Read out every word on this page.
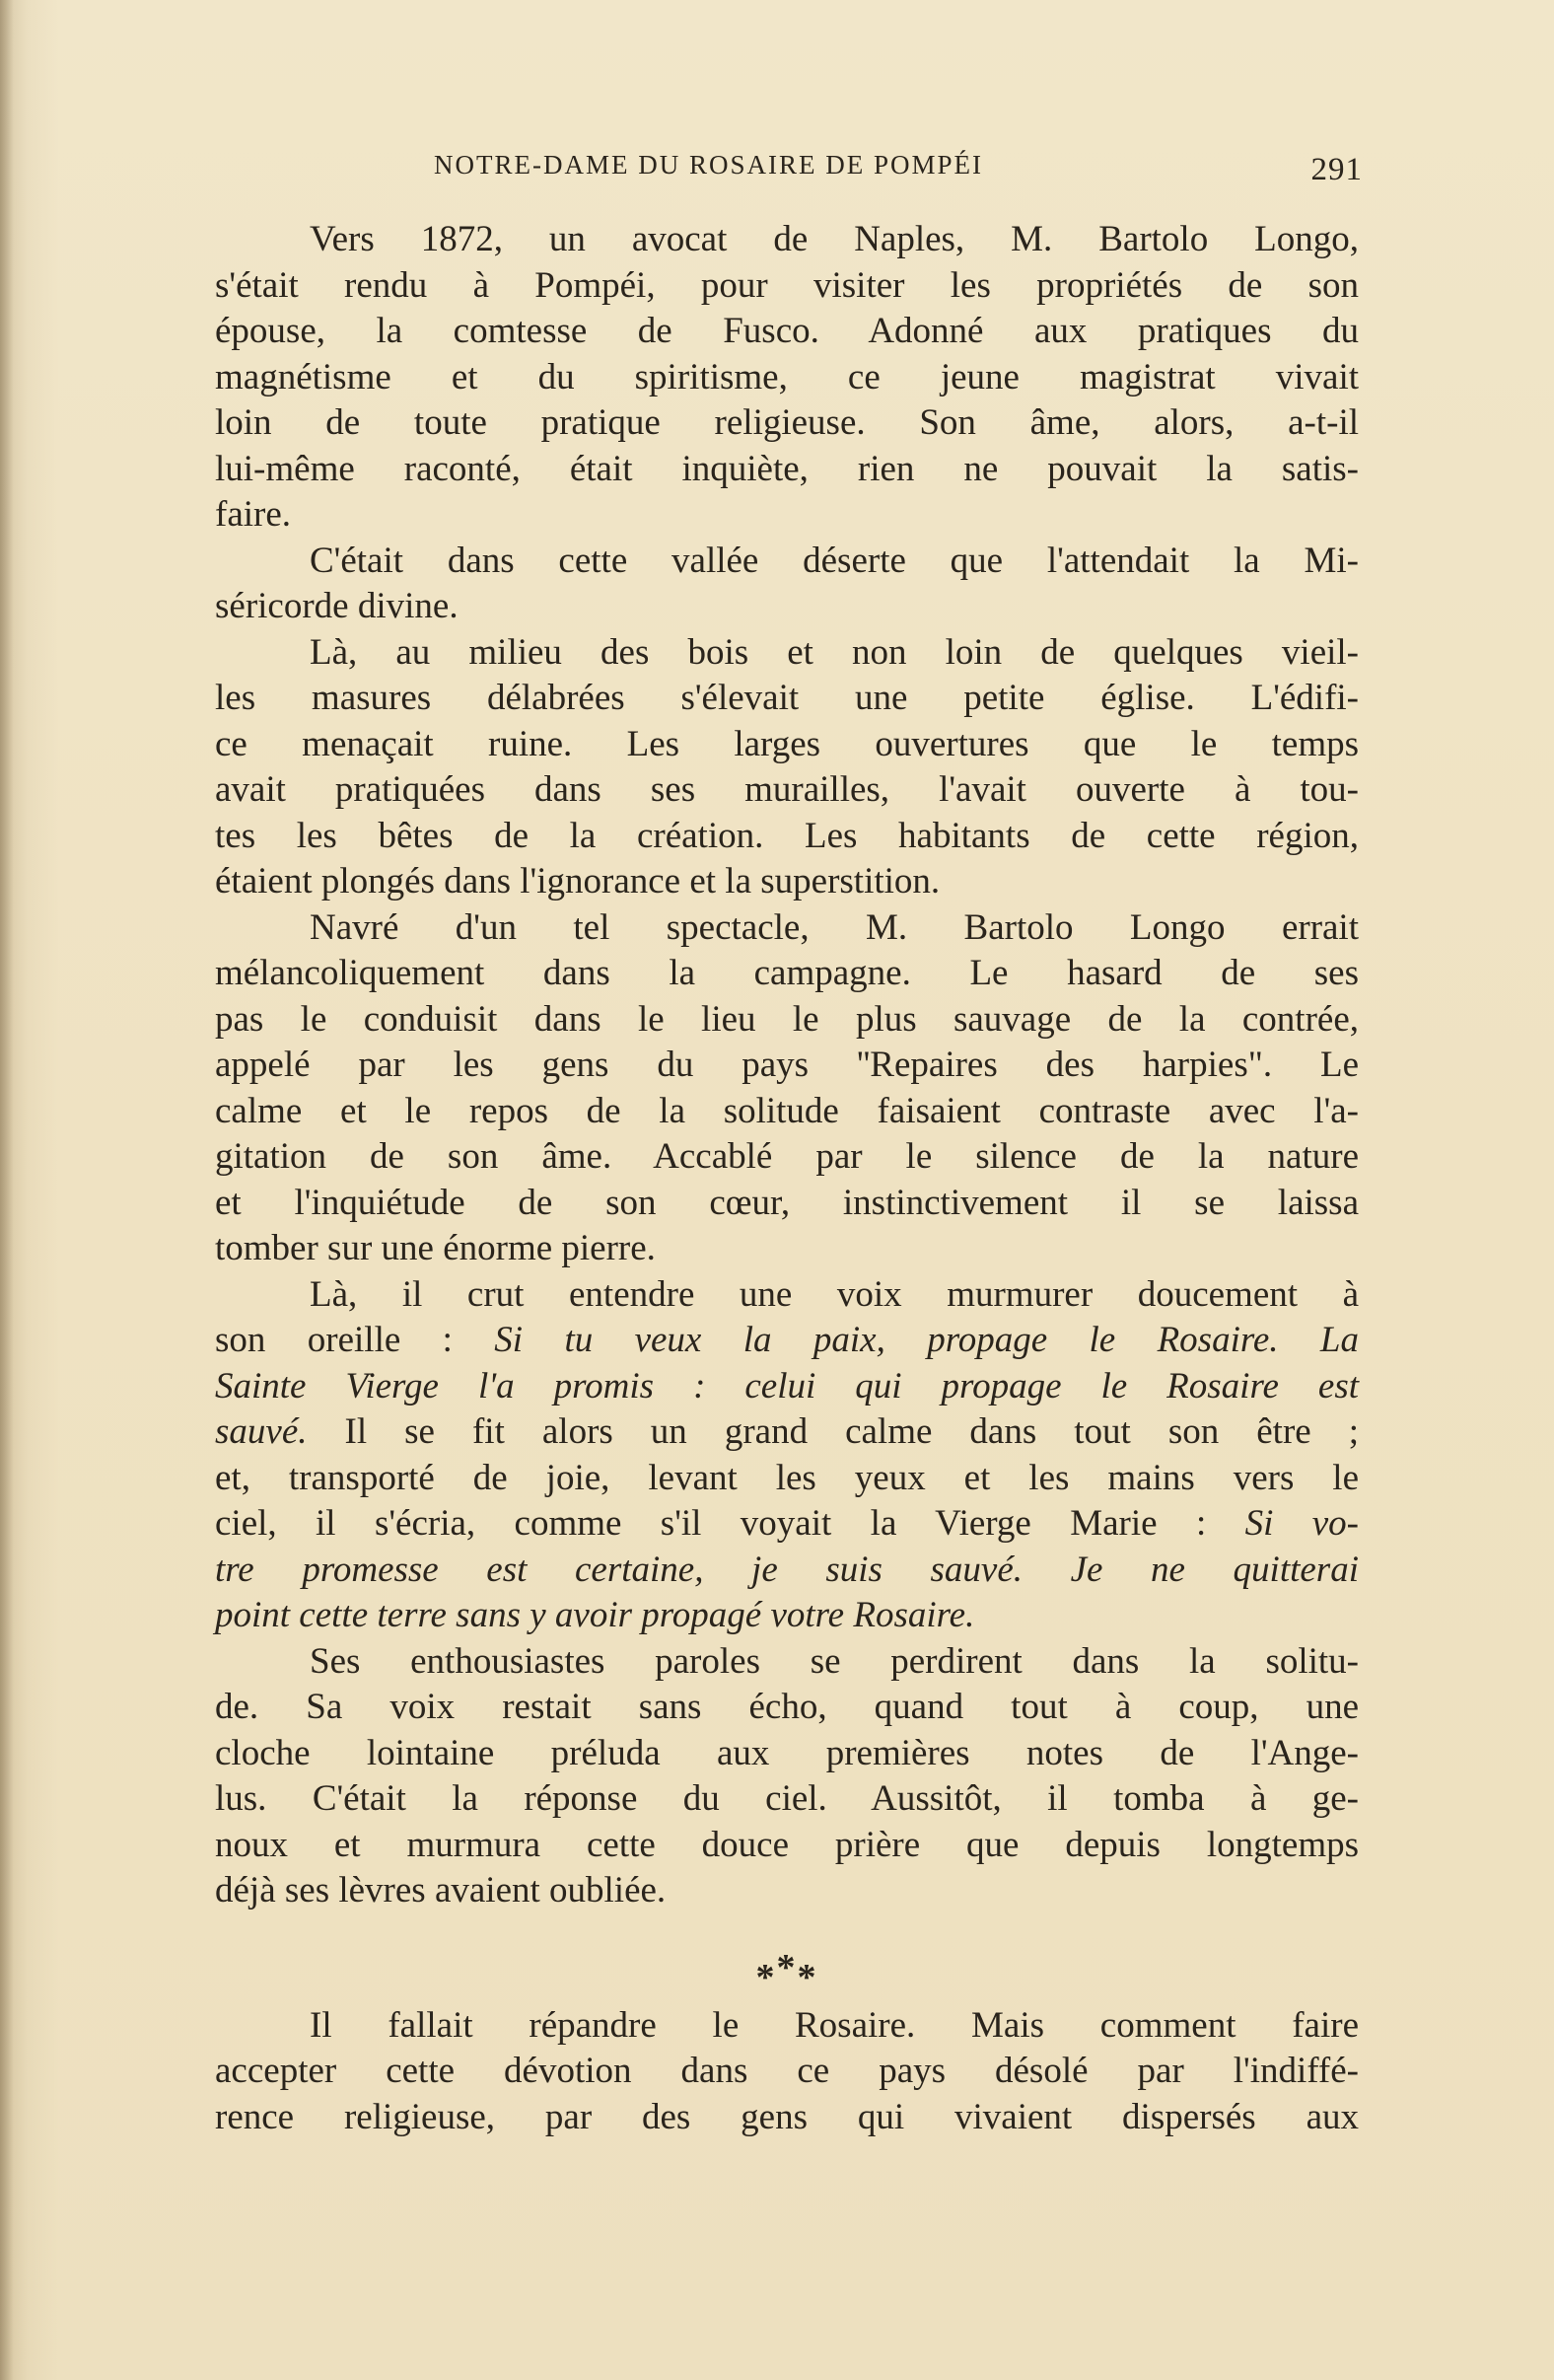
NOTRE-DAME DU ROSAIRE DE POMPÉI	291
Vers 1872, un avocat de Naples, M. Bartolo Longo,
s'était rendu à Pompéi, pour visiter les propriétés de son
épouse, la comtesse de Fusco. Adonné aux pratiques du
magnétisme et du spiritisme, ce jeune magistrat vivait
loin de toute pratique religieuse. Son âme, alors, a-t-il
lui-même raconté, était inquiète, rien ne pouvait la satis-
faire.
C'était dans cette vallée déserte que l'attendait la Mi-
séricorde divine.
Là, au milieu des bois et non loin de quelques vieil-
les masures délabrées s'élevait une petite église. L'édifi-
ce menaçait ruine. Les larges ouvertures que le temps
avait pratiquées dans ses murailles, l'avait ouverte à tou-
tes les bêtes de la création. Les habitants de cette région,
étaient plongés dans l'ignorance et la superstition.
Navré d'un tel spectacle, M. Bartolo Longo errait
mélancoliquement dans la campagne. Le hasard de ses
pas le conduisit dans le lieu le plus sauvage de la contrée,
appelé par les gens du pays ''Repaires des harpies". Le
calme et le repos de la solitude faisaient contraste avec l'a-
gitation de son âme. Accablé par le silence de la nature
et l'inquiétude de son cœur, instinctivement il se laissa
tomber sur une énorme pierre.
Là, il crut entendre une voix murmurer doucement à
son oreille : Si tu veux la paix, propage le Rosaire. La
Sainte Vierge l'a promis : celui qui propage le Rosaire est
sauvé. Il se fit alors un grand calme dans tout son être ;
et, transporté de joie, levant les yeux et les mains vers le
ciel, il s'écria, comme s'il voyait la Vierge Marie : Si vo-
tre promesse est certaine, je suis sauvé. Je ne quitterai
point cette terre sans y avoir propagé votre Rosaire.
Ses enthousiastes paroles se perdirent dans la solitu-
de. Sa voix restait sans écho, quand tout à coup, une
cloche lointaine préluda aux premières notes de l'Ange-
lus. C'était la réponse du ciel. Aussitôt, il tomba à ge-
noux et murmura cette douce prière que depuis longtemps
déjà ses lèvres avaient oubliée.
***
Il fallait répandre le Rosaire. Mais comment faire
accepter cette dévotion dans ce pays désolé par l'indiffé-
rence religieuse, par des gens qui vivaient dispersés aux
